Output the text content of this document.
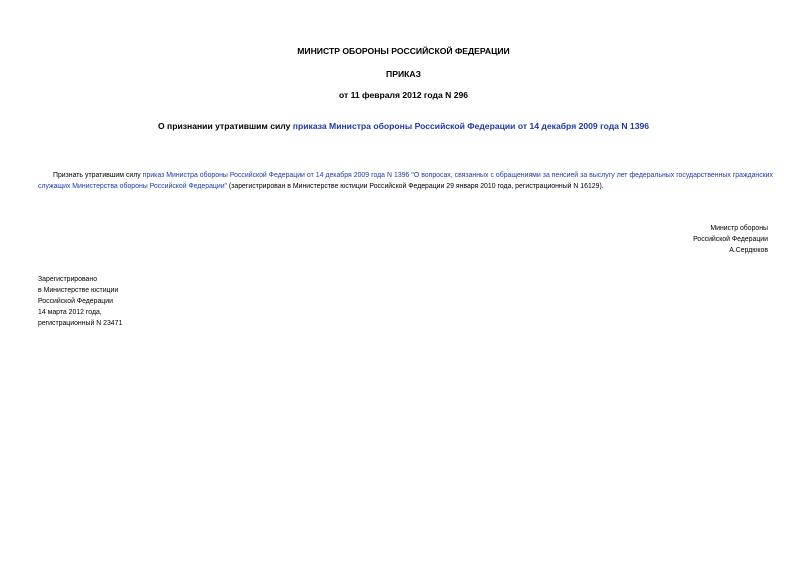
МИНИСТР ОБОРОНЫ РОССИЙСКОЙ ФЕДЕРАЦИИ
ПРИКАЗ
от 11 февраля 2012 года N 296
О признании утратившим силу приказа Министра обороны Российской Федерации от 14 декабря 2009 года N 1396
Признать утратившим силу приказ Министра обороны Российской Федерации от 14 декабря 2009 года N 1396 "О вопросах, связанных с обращениями за пенсией за выслугу лет федеральных государственных гражданских служащих Министерства обороны Российской Федерации" (зарегистрирован в Министерстве юстиции Российской Федерации 29 января 2010 года, регистрационный N 16129).
Министр обороны
Российской Федерации
А.Сердюков
Зарегистрировано
в Министерстве юстиции
Российской Федерации
14 марта 2012 года,
регистрационный N 23471
